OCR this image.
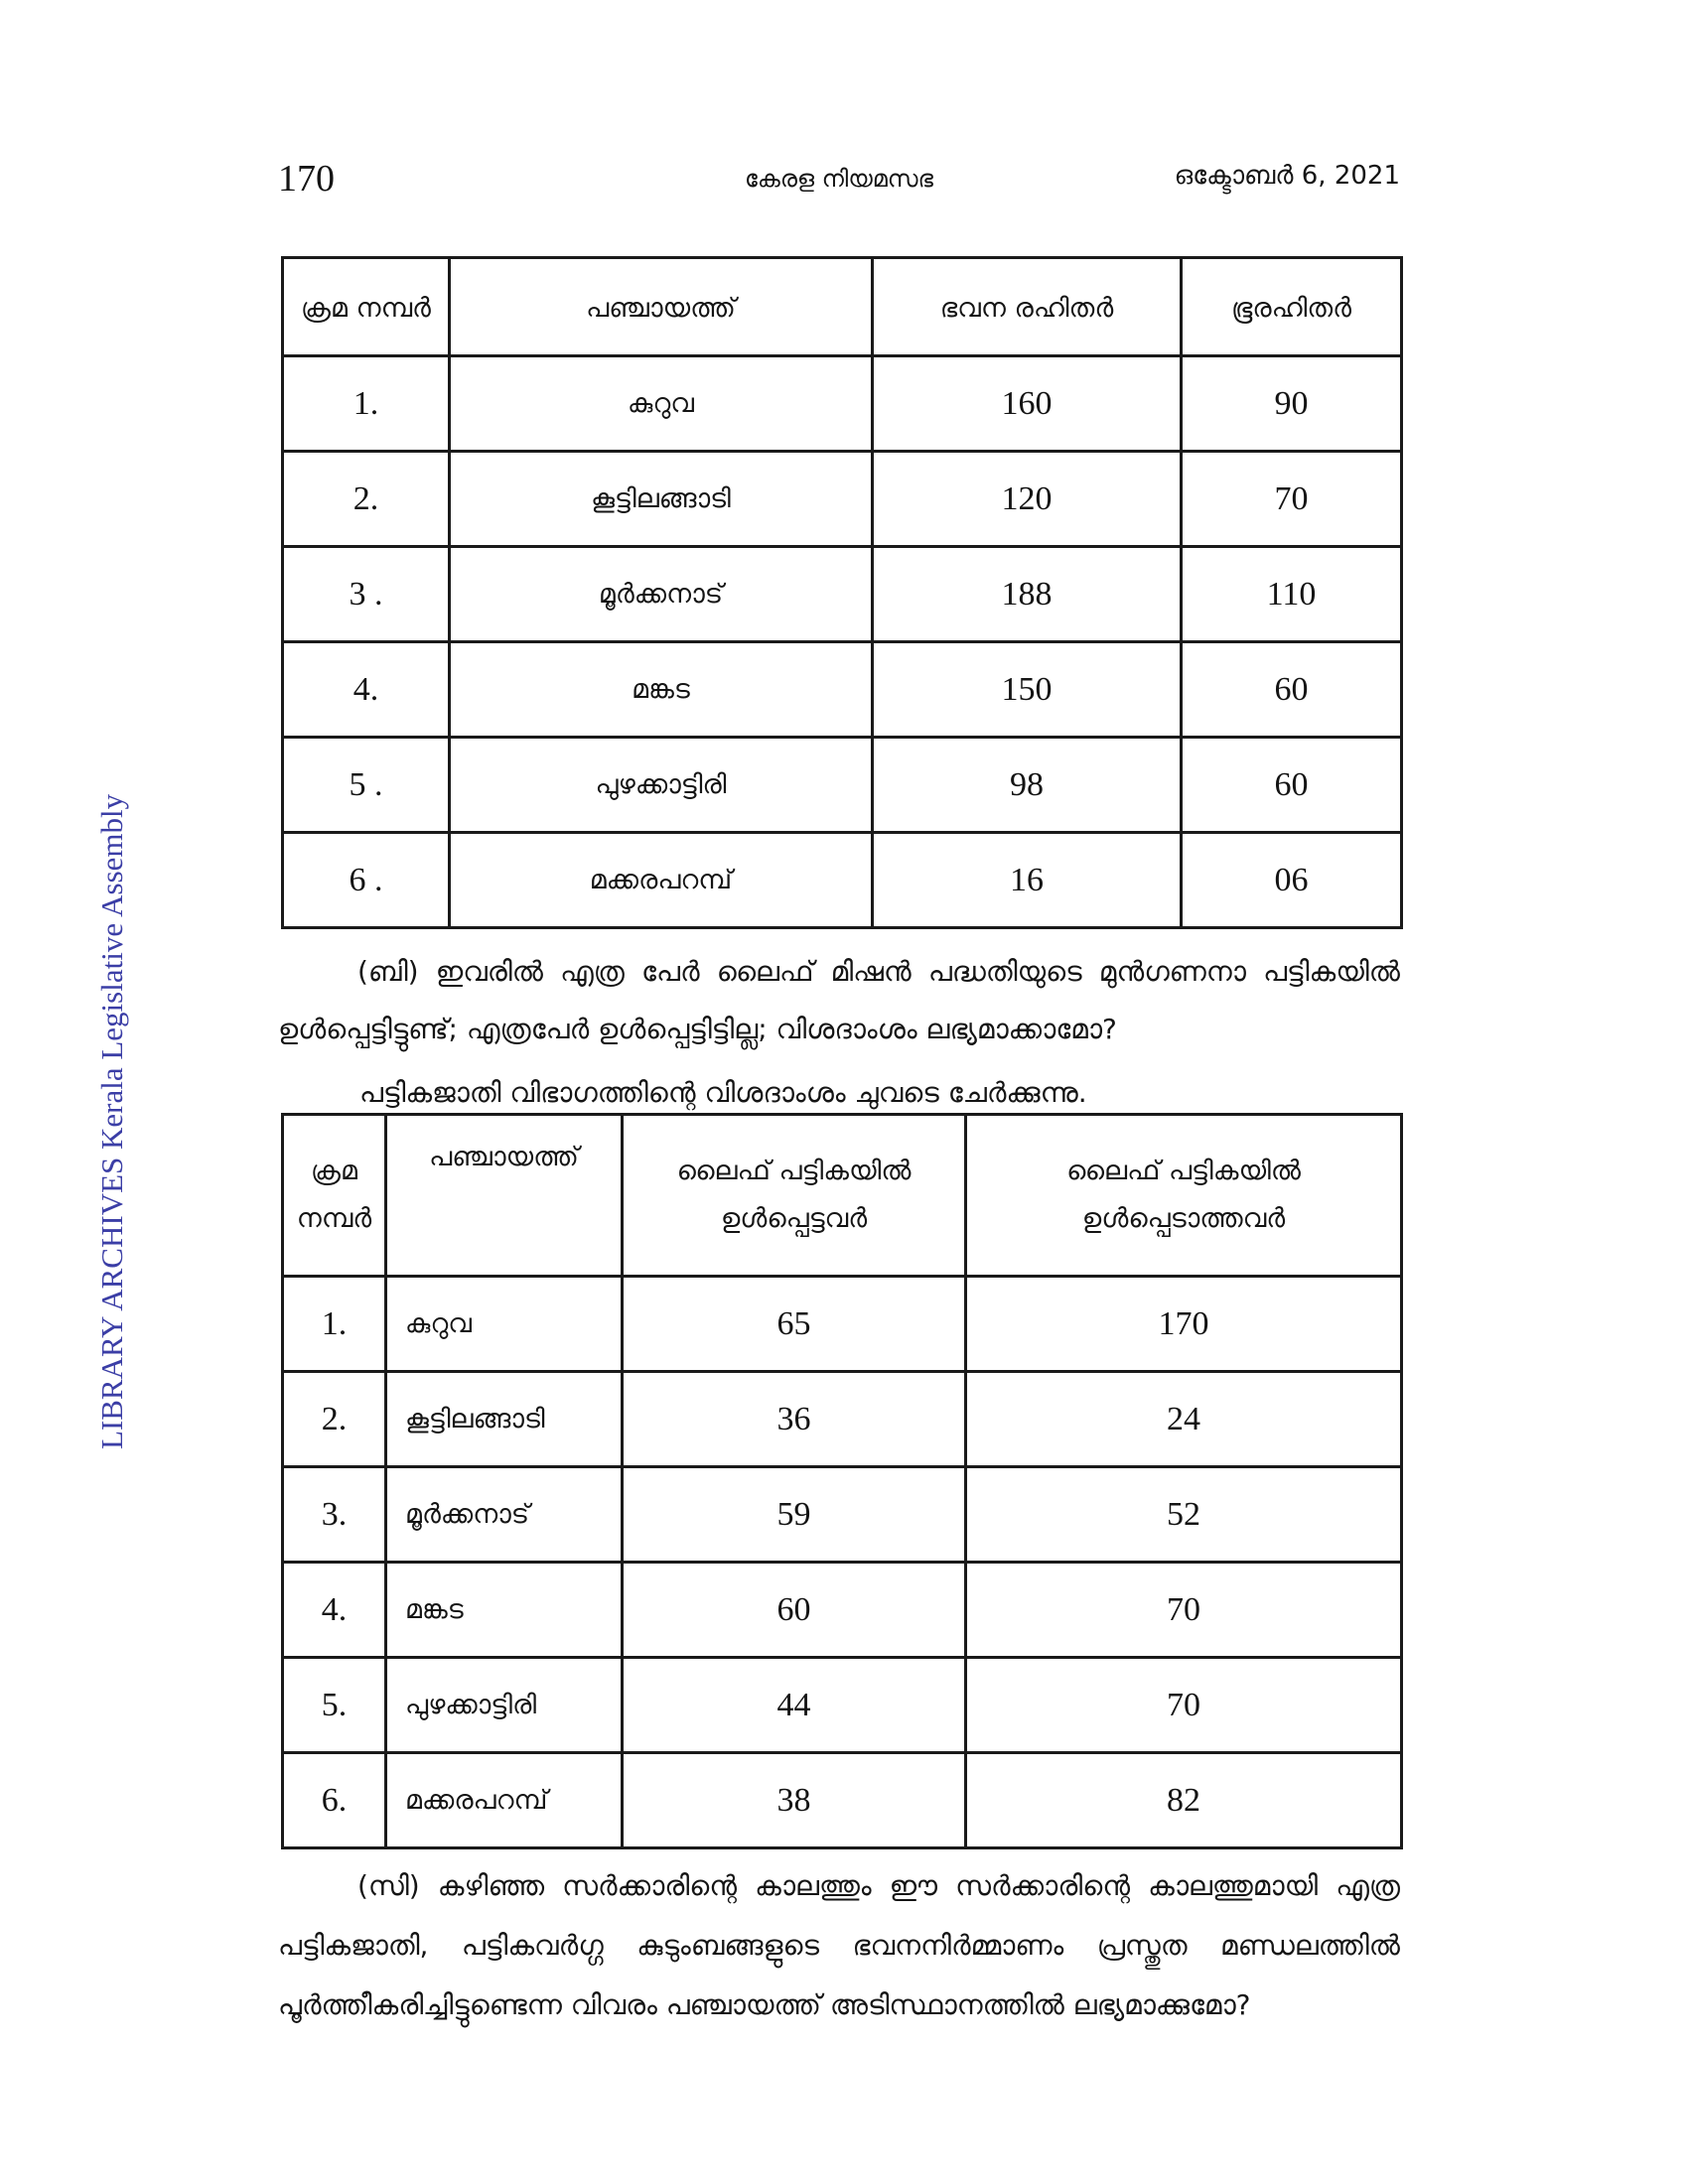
170	കേരള നിയമസഭ	ഒക്ടോബർ 6, 2021
LIBRARY ARCHIVES Kerala Legislative Assembly
ക്രമ നമ്പർ	പഞ്ചായത്ത്	ഭവന രഹിതർ	ഭൂരഹിതർ
1.	കുറുവ	160	90
2.	കൂട്ടിലങ്ങാടി	120	70
3 .	മൂർക്കനാട്	188	110
4.	മങ്കട	150	60
5 .	പുഴക്കാട്ടിരി	98	60
6 .	മക്കരപറമ്പ്	16	06

(ബി) ഇവരിൽ എത്ര പേർ ലൈഫ് മിഷൻ പദ്ധതിയുടെ മുൻഗണനാ പട്ടികയിൽ ഉൾപ്പെട്ടിട്ടുണ്ട്; എത്രപേർ ഉൾപ്പെട്ടിട്ടില്ല; വിശദാംശം ലഭ്യമാക്കാമോ?

പട്ടികജാതി വിഭാഗത്തിന്റെ വിശദാംശം ചുവടെ ചേർക്കുന്നു.
ക്രമ നമ്പർ	പഞ്ചായത്ത്	ലൈഫ് പട്ടികയിൽ ഉൾപ്പെട്ടവർ	ലൈഫ് പട്ടികയിൽ ഉൾപ്പെടാത്തവർ
1.	കുറുവ	65	170
2.	കൂട്ടിലങ്ങാടി	36	24
3.	മൂർക്കനാട്	59	52
4.	മങ്കട	60	70
5.	പുഴക്കാട്ടിരി	44	70
6.	മക്കരപറമ്പ്	38	82

(സി) കഴിഞ്ഞ സർക്കാരിന്റെ കാലത്തും ഈ സർക്കാരിന്റെ കാലത്തുമായി എത്ര പട്ടികജാതി, പട്ടികവർഗ്ഗ കുടുംബങ്ങളുടെ ഭവനനിർമ്മാണം പ്രസ്തുത മണ്ഡലത്തിൽ പൂർത്തീകരിച്ചിട്ടുണ്ടെന്ന വിവരം പഞ്ചായത്ത് അടിസ്ഥാനത്തിൽ ലഭ്യമാക്കുമോ?
